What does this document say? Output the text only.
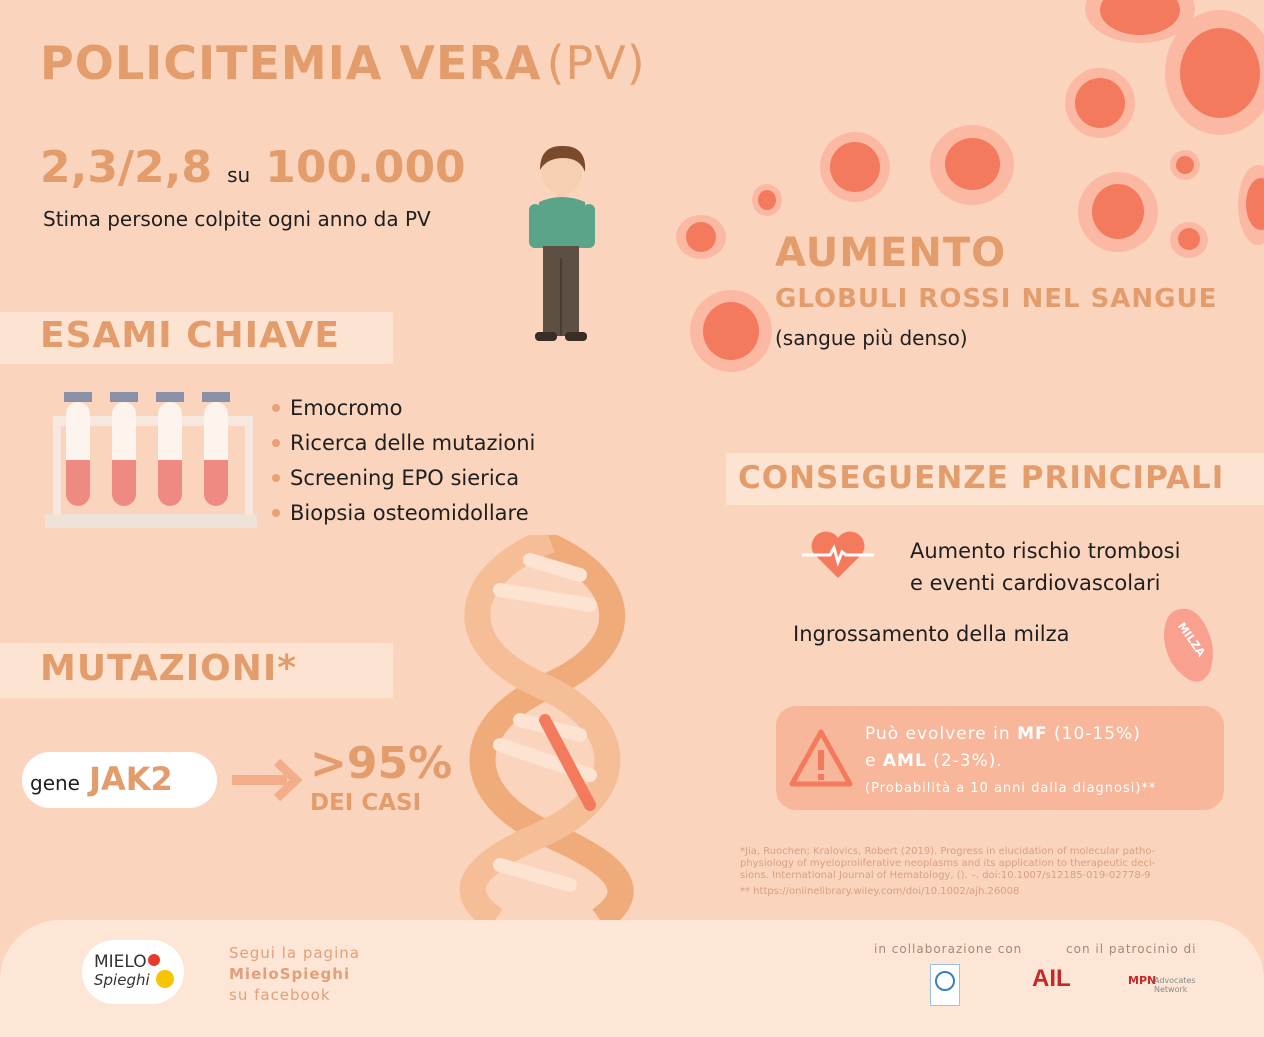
POLICITEMIA VERA (PV)
2,3/2,8 su 100.000
Stima persone colpite ogni anno da PV
AUMENTO
GLOBULI ROSSI NEL SANGUE
(sangue più denso)
ESAMI CHIAVE
Emocromo
Ricerca delle mutazioni
Screening EPO sierica
Biopsia osteomidollare
CONSEGUENZE PRINCIPALI
Aumento rischio trombosi
e eventi cardiovascolari
Ingrossamento della milza	MILZA
Può evolvere in MF (10-15%)
e AML (2-3%).
(Probabilità a 10 anni dalla diagnosi)**
MUTAZIONI*
gene JAK2	>95%
DEI CASI
*Jia, Ruochen; Kralovics, Robert (2019). Progress in elucidation of molecular patho-
physiology of myeloproliferative neoplasms and its application to therapeutic deci-
sions. International Journal of Hematology, (), –. doi:10.1007/s12185-019-02778-9
** https://onlinelibrary.wiley.com/doi/10.1002/ajh.26008
MIELO
Spieghi
Segui la pagina
MieloSpieghi
su facebook
in collaborazione con	con il patrocinio di
AIL	MPN
Advocates Network
